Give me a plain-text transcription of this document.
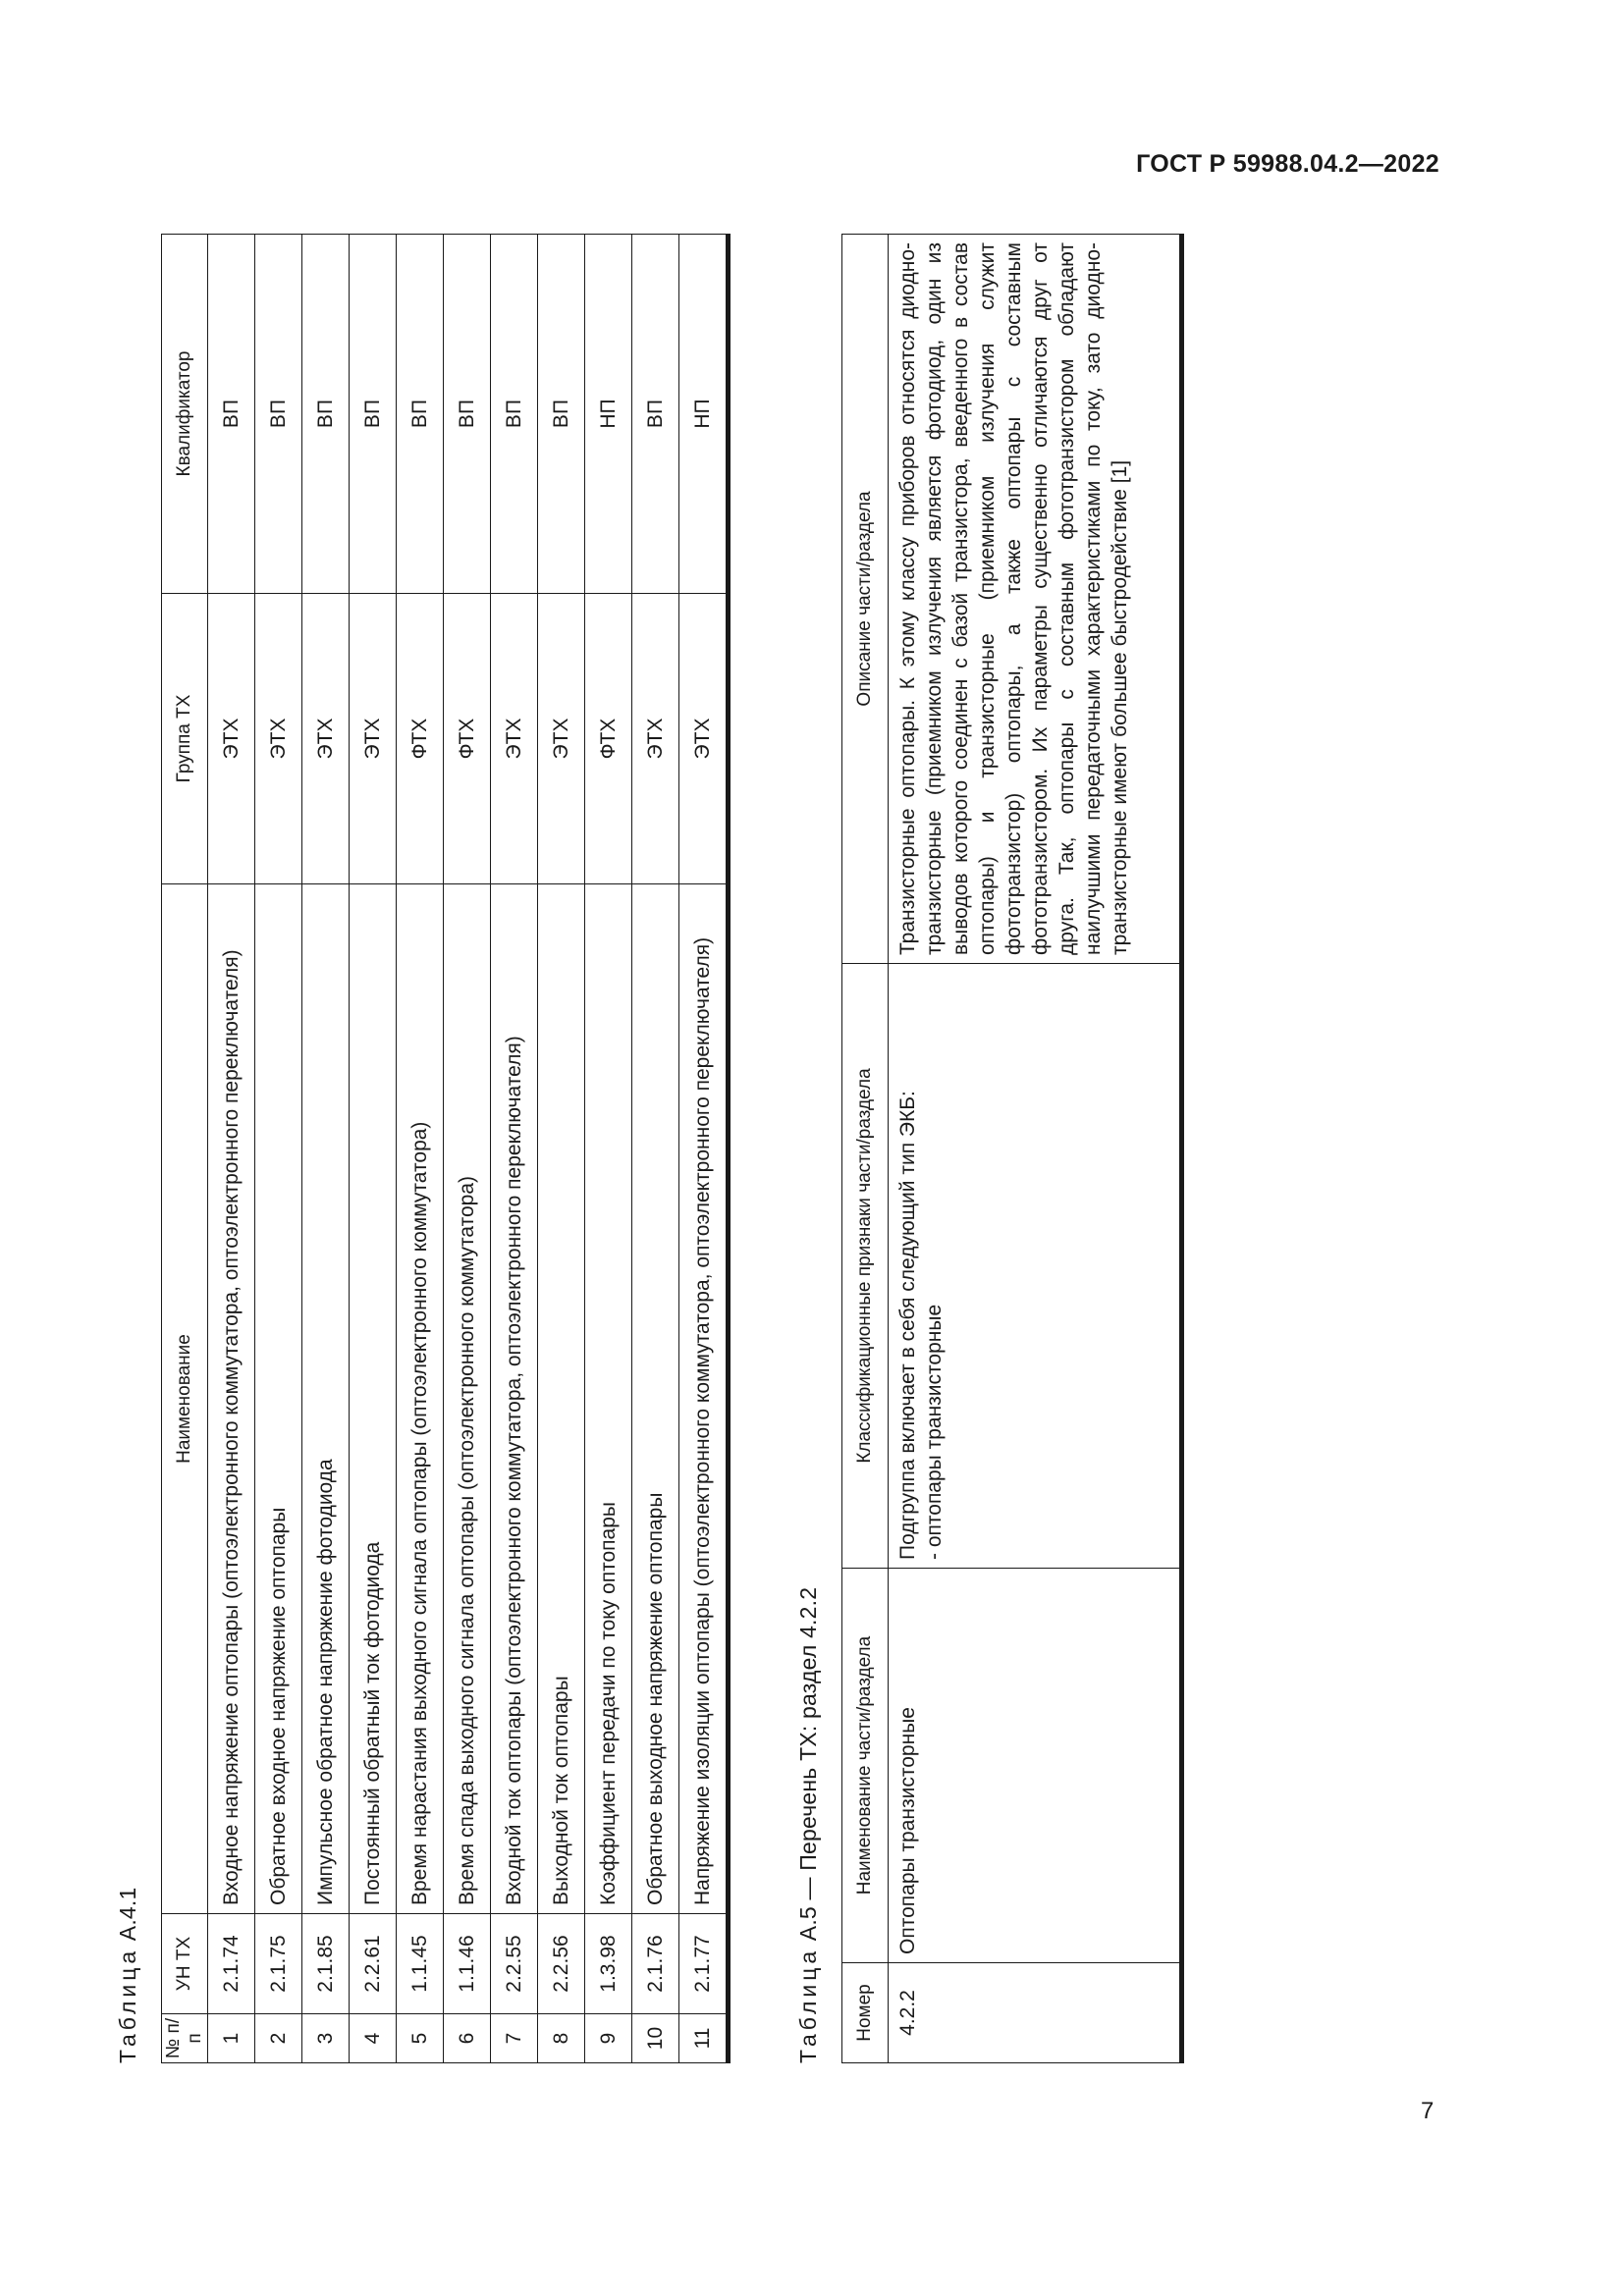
ГОСТ Р 59988.04.2—2022
Таблица А.4.1
№ п/п	УН ТХ	Наименование	Группа ТХ	Квалификатор
1	2.1.74	Входное напряжение оптопары (оптоэлектронного коммутатора, оптоэлектронного переключателя)	ЭТХ	ВП
2	2.1.75	Обратное входное напряжение оптопары	ЭТХ	ВП
3	2.1.85	Импульсное обратное напряжение фотодиода	ЭТХ	ВП
4	2.2.61	Постоянный обратный ток фотодиода	ЭТХ	ВП
5	1.1.45	Время нарастания выходного сигнала оптопары (оптоэлектронного коммутатора)	ФТХ	ВП
6	1.1.46	Время спада выходного сигнала оптопары (оптоэлектронного коммутатора)	ФТХ	ВП
7	2.2.55	Входной ток оптопары (оптоэлектронного коммутатора, оптоэлектронного переключателя)	ЭТХ	ВП
8	2.2.56	Выходной ток оптопары	ЭТХ	ВП
9	1.3.98	Коэффициент передачи по току оптопары	ФТХ	НП
10	2.1.76	Обратное выходное напряжение оптопары	ЭТХ	ВП
11	2.1.77	Напряжение изоляции оптопары (оптоэлектронного коммутатора, оптоэлектронного переключателя)	ЭТХ	НП
Таблица А.5 — Перечень ТХ: раздел 4.2.2
Номер	Наименование части/раздела	Классификационные признаки части/раздела	Описание части/раздела
4.2.2	Оптопары транзисторные	Подгруппа включает в себя следующий тип ЭКБ: - оптопары транзисторные	Транзисторные оптопары. К этому классу приборов относятся диодно-транзисторные (приемником излучения является фотодиод, один из выводов которого соединен с базой транзистора, введенного в состав оптопары) и транзисторные (приемником излучения служит фототранзистор) оптопары, а также оптопары с составным фототранзистором. Их параметры существенно отличаются друг от друга. Так, оптопары с составным фототранзистором обладают наилучшими передаточными характеристиками по току, зато диодно-транзисторные имеют большее быстродействие [1]
7
